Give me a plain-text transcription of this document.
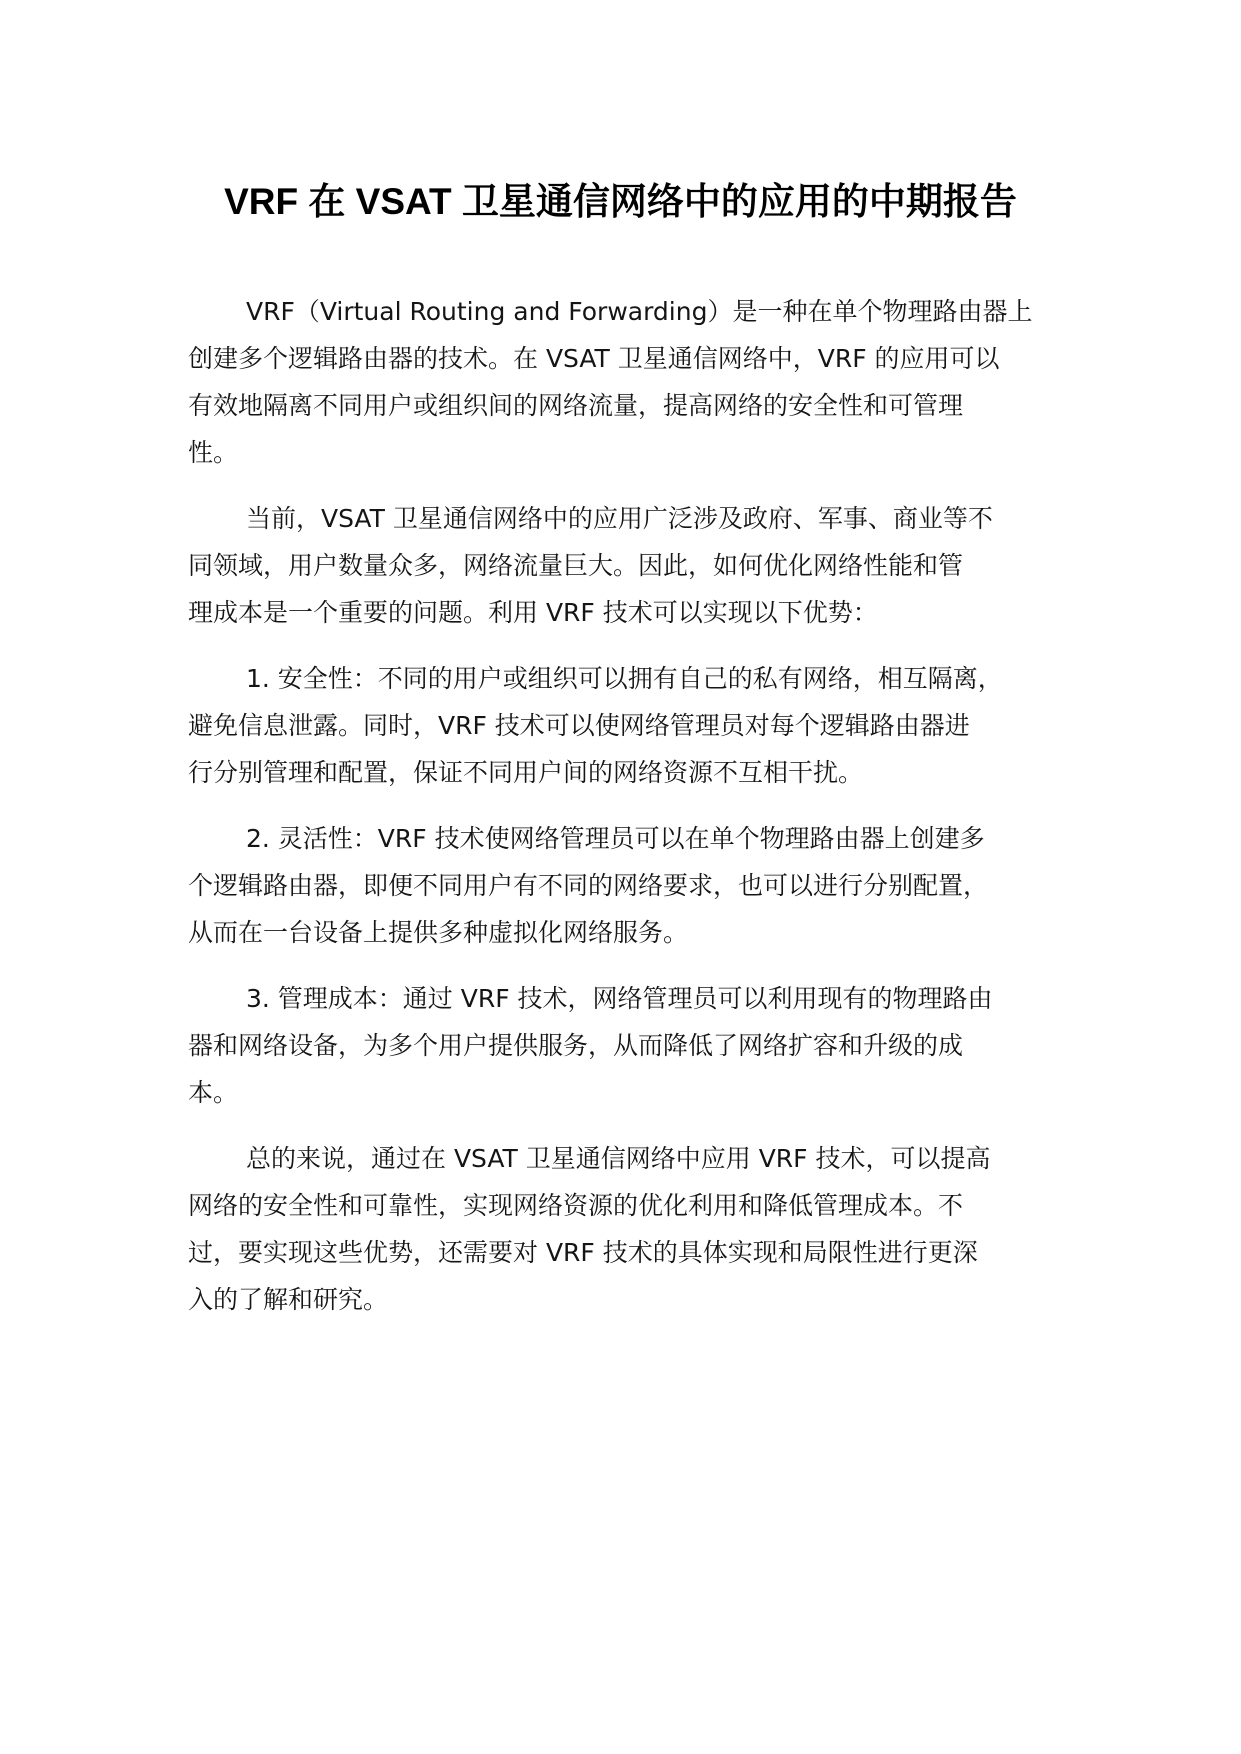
VRF 在 VSAT 卫星通信网络中的应用的中期报告

VRF（Virtual Routing and Forwarding）是一种在单个物理路由器上
创建多个逻辑路由器的技术。在 VSAT 卫星通信网络中，VRF 的应用可以
有效地隔离不同用户或组织间的网络流量，提高网络的安全性和可管理
性。

当前，VSAT 卫星通信网络中的应用广泛涉及政府、军事、商业等不
同领域，用户数量众多，网络流量巨大。因此，如何优化网络性能和管
理成本是一个重要的问题。利用 VRF 技术可以实现以下优势：

1. 安全性：不同的用户或组织可以拥有自己的私有网络，相互隔离，
避免信息泄露。同时，VRF 技术可以使网络管理员对每个逻辑路由器进
行分别管理和配置，保证不同用户间的网络资源不互相干扰。

2. 灵活性：VRF 技术使网络管理员可以在单个物理路由器上创建多
个逻辑路由器，即便不同用户有不同的网络要求，也可以进行分别配置，
从而在一台设备上提供多种虚拟化网络服务。

3. 管理成本：通过 VRF 技术，网络管理员可以利用现有的物理路由
器和网络设备，为多个用户提供服务，从而降低了网络扩容和升级的成
本。

总的来说，通过在 VSAT 卫星通信网络中应用 VRF 技术，可以提高
网络的安全性和可靠性，实现网络资源的优化利用和降低管理成本。不
过，要实现这些优势，还需要对 VRF 技术的具体实现和局限性进行更深
入的了解和研究。
